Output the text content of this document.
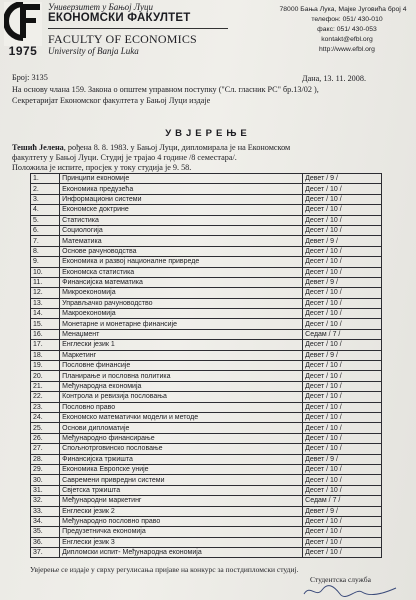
1975
Универзитет у Бањој Луци
ЕКОНОМСКИ ФАКУЛТЕТ
FACULTY OF ECONOMICS
University of Banja Luka
78000 Бања Лука, Мајке Југовића број 4
телефон: 051/ 430-010
факс: 051/ 430-053
kontakt@efbl.org
http://www.efbl.org
Број: 3135	Дана, 13. 11. 2008.
На основу члана 159. Закона о општем управном поступку ("Сл. гласник РС" бр.13/02 ),
Секретаријат Економског факултета у Бањој Луци издаје
УВЈЕРЕЊЕ
Тешић Јелена, рођена 8. 8. 1983. у Бањој Луци, дипломирала је на Економском
факултету у Бањој Луци. Студиј је трајао 4 године /8 семестара/.
Положила је испите, просјек у току студија је 9. 58.
1.	Принципи економије	Девет / 9 /
2.	Економика предузећа	Десет / 10 /
3.	Информациони системи	Десет / 10 /
4.	Економске доктрине	Десет / 10 /
5.	Статистика	Десет / 10 /
6.	Социологија	Десет / 10 /
7.	Математика	Девет / 9 /
8.	Основе рачуноводства	Десет / 10 /
9.	Економика и развој националне привреде	Десет / 10 /
10.	Економска статистика	Десет / 10 /
11.	Финансијска математика	Девет / 9 /
12.	Микроекономија	Десет / 10 /
13.	Управљачко рачуноводство	Десет / 10 /
14.	Макроекономија	Десет / 10 /
15.	Монетарне и монетарне финансије	Десет / 10 /
16.	Менаџмент	Седам / 7 /
17.	Енглески језик 1	Десет / 10 /
18.	Маркетинг	Девет / 9 /
19.	Пословне финансије	Десет / 10 /
20.	Планирање и пословна политика	Десет / 10 /
21.	Међународна економија	Десет / 10 /
22.	Контрола и ревизија пословања	Десет / 10 /
23.	Пословно право	Десет / 10 /
24.	Економско математички модели и методе	Десет / 10 /
25.	Основи дипломатије	Десет / 10 /
26.	Међународно финансирање	Десет / 10 /
27.	Спољнотрговинско пословање	Десет / 10 /
28.	Финансијска тржишта	Девет / 9 /
29.	Економика Европске уније	Десет / 10 /
30.	Савремени привредни системи	Десет / 10 /
31.	Свјетска тржишта	Десет / 10 /
32.	Међународни маркетинг	Седам / 7 /
33.	Енглески језик 2	Девет / 9 /
34.	Међународно пословно право	Десет / 10 /
35.	Предузетничка економија	Десет / 10 /
36.	Енглески језик 3	Десет / 10 /
37.	Дипломски испит- Међународна економија	Десет / 10 /
Увјерење се издаје у сврху регулисања пријаве на конкурс за постдипломски студиј.
Студентска служба
